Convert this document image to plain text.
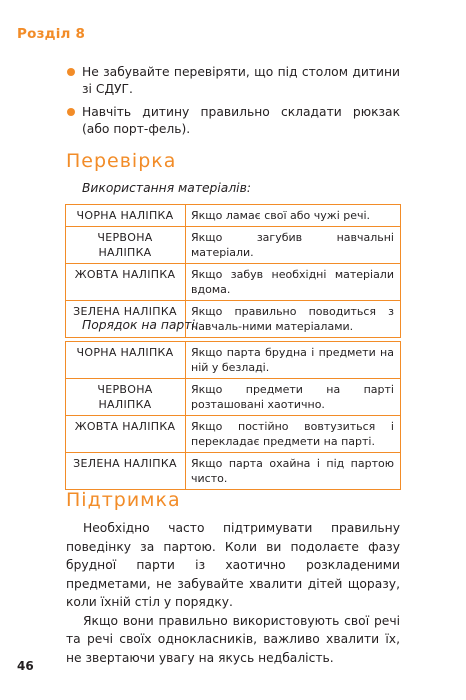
Розділ 8
Не забувайте перевіряти, що під столом дитини зі СДУГ.
Навчіть дитину правильно складати рюкзак (або порт-фель).
Перевірка
Використання матеріалів:
ЧОРНА НАЛІПКА	Якщо ламає свої або чужі речі.
ЧЕРВОНА НАЛІПКА	Якщо загубив навчальні матеріали.
ЖОВТА НАЛІПКА	Якщо забув необхідні матеріали вдома.
ЗЕЛЕНА НАЛІПКА	Якщо правильно поводиться з навчаль-ними матеріалами.
Порядок на парті:
ЧОРНА НАЛІПКА	Якщо парта брудна і предмети на ній у безладі.
ЧЕРВОНА НАЛІПКА	Якщо предмети на парті розташовані хаотично.
ЖОВТА НАЛІПКА	Якщо постійно вовтузиться і перекладає предмети на парті.
ЗЕЛЕНА НАЛІПКА	Якщо парта охайна і під партою чисто.
Підтримка

Необхідно часто підтримувати правильну поведінку за партою. Коли ви подолаєте фазу брудної парти із хаотично розкладеними предметами, не забувайте хвалити дітей щоразу, коли їхній стіл у порядку.

Якщо вони правильно використовують свої речі та речі своїх однокласників, важливо хвалити їх, не звертаючи увагу на якусь недбалість.

46
